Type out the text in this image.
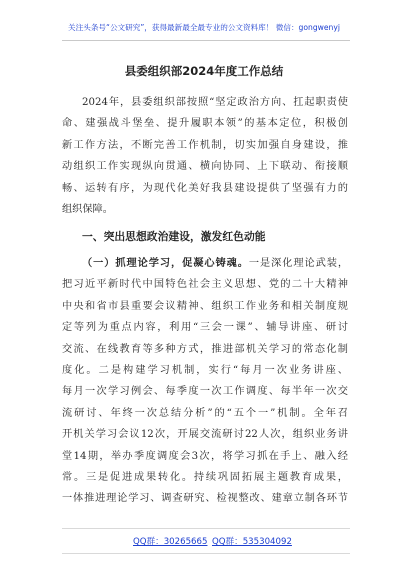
关注头条号“公文研究”，获得最新最全最专业的公文资料库！ 微信：gongwenyj
县委组织部2024年度工作总结
2024年，县委组织部按照“坚定政治方向、扛起职责使
命、建强战斗堡垒、提升履职本领”的基本定位，积极创
新工作方法，不断完善工作机制，切实加强自身建设，推
动组织工作实现纵向贯通、横向协同、上下联动、衔接顺
畅、运转有序，为现代化美好我县建设提供了坚强有力的
组织保障。
一、突出思想政治建设，激发红色动能
（一）抓理论学习，促凝心铸魂。一是深化理论武装，
把习近平新时代中国特色社会主义思想、党的二十大精神
中央和省市县重要会议精神、组织工作业务和相关制度规
定等列为重点内容，利用“三会一课”、辅导讲座、研讨
交流、在线教育等多种方式，推进部机关学习的常态化制
度化。二是构建学习机制，实行“每月一次业务讲座、
每月一次学习例会、每季度一次工作调度、每半年一次交
流研讨、年终一次总结分析”的“五个一”机制。全年召
开机关学习会议12次，开展交流研讨22人次，组织业务讲
堂14期，举办季度调度会3次，将学习抓在手上、融入经
常。三是促进成果转化。持续巩固拓展主题教育成果，
一体推进理论学习、调查研究、检视整改、建章立制各环节
QQ群：30265665 QQ群：535304092
